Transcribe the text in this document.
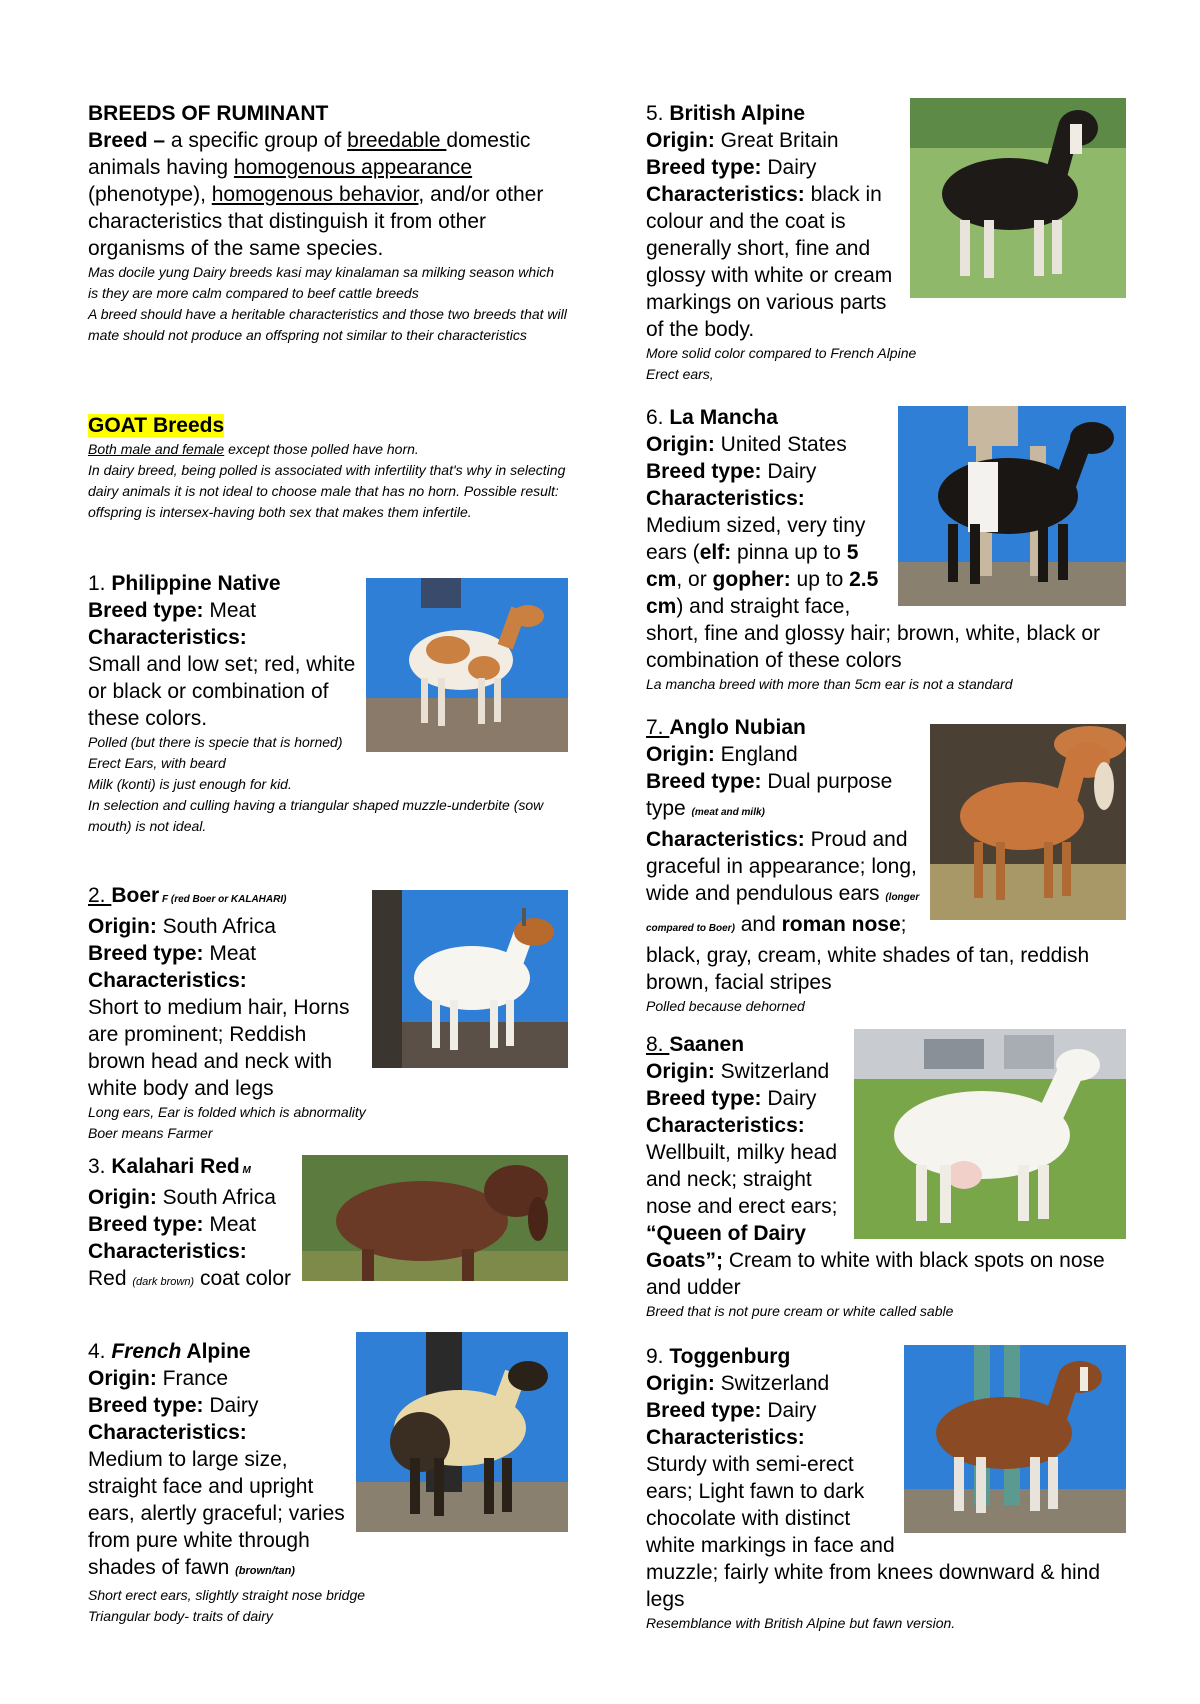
BREEDS OF RUMINANT
Breed – a specific group of breedable domestic animals having homogenous appearance (phenotype), homogenous behavior, and/or other characteristics that distinguish it from other organisms of the same species.
Mas docile yung Dairy breeds kasi may kinalaman sa milking season which is they are more calm compared to beef cattle breeds
A breed should have a heritable characteristics and those two breeds that will mate should not produce an offspring not similar to their characteristics
GOAT Breeds
Both male and female except those polled have horn.
In dairy breed, being polled is associated with infertility that's why in selecting dairy animals it is not ideal to choose male that has no horn. Possible result: offspring is intersex-having both sex that makes them infertile.
1. Philippine Native
Breed type: Meat
Characteristics:
Small and low set; red, white or black or combination of these colors.
Polled (but there is specie that is horned)
Erect Ears, with beard
Milk (konti) is just enough for kid.
In selection and culling having a triangular shaped muzzle-underbite (sow mouth) is not ideal.
2. Boer F (red Boer or KALAHARI)
Origin: South Africa
Breed type: Meat
Characteristics:
Short to medium hair, Horns are prominent; Reddish brown head and neck with white body and legs
Long ears, Ear is folded which is abnormality
Boer means Farmer
3. Kalahari Red M
Origin: South Africa
Breed type: Meat
Characteristics:
Red (dark brown) coat color
4. French Alpine
Origin: France
Breed type: Dairy
Characteristics:
Medium to large size, straight face and upright ears, alertly graceful; varies from pure white through shades of fawn (brown/tan)
Short erect ears, slightly straight nose bridge
Triangular body- traits of dairy
5. British Alpine
Origin: Great Britain
Breed type: Dairy
Characteristics: black in colour and the coat is generally short, fine and glossy with white or cream markings on various parts of the body.
More solid color compared to French Alpine
Erect ears,
6. La Mancha
Origin: United States
Breed type: Dairy
Characteristics:
Medium sized, very tiny ears (elf: pinna up to 5 cm, or gopher: up to 2.5 cm) and straight face, short, fine and glossy hair; brown, white, black or combination of these colors
La mancha breed with more than 5cm ear is not a standard
7. Anglo Nubian
Origin: England
Breed type: Dual purpose type (meat and milk)
Characteristics: Proud and graceful in appearance; long, wide and pendulous ears (longer compared to Boer) and roman nose; black, gray, cream, white shades of tan, reddish brown, facial stripes
Polled because dehorned
8. Saanen
Origin: Switzerland
Breed type: Dairy
Characteristics:
Wellbuilt, milky head and neck; straight nose and erect ears; “Queen of Dairy Goats”; Cream to white with black spots on nose and udder
Breed that is not pure cream or white called sable
9. Toggenburg
Origin: Switzerland
Breed type: Dairy
Characteristics:
Sturdy with semi-erect ears; Light fawn to dark chocolate with distinct white markings in face and muzzle; fairly white from knees downward & hind legs
Resemblance with British Alpine but fawn version.
